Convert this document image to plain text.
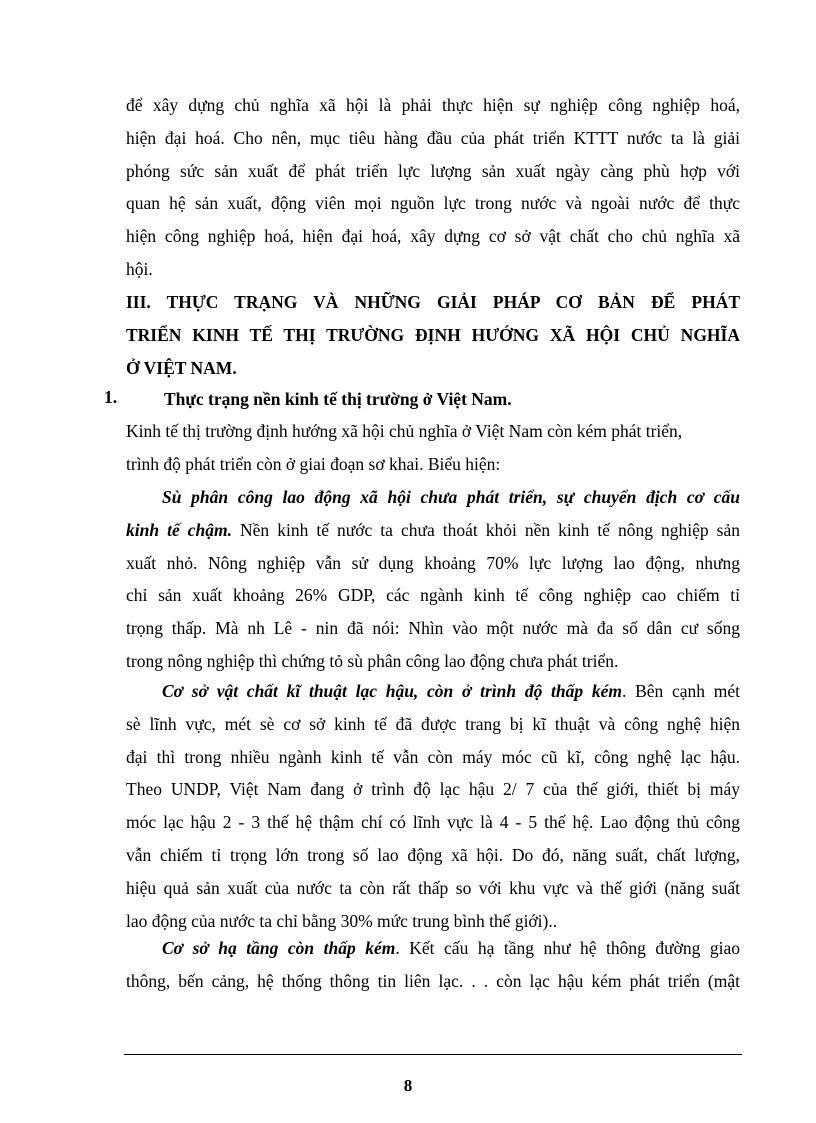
để xây dựng chủ nghĩa xã hội là phải thực hiện sự nghiệp công nghiệp hoá,
hiện đại hoá. Cho nên, mục tiêu hàng đầu của phát triển KTTT nước ta là giải
phóng sức sản xuất để phát triển lực lượng sản xuất ngày càng phù hợp với
quan hệ sản xuất, động viên mọi nguồn lực trong nước và ngoài nước để thực
hiện công nghiệp hoá, hiện đại hoá, xây dựng cơ sở vật chất cho chủ nghĩa xã
hội.
III. THỰC TRẠNG VÀ NHỮNG GIẢI PHÁP CƠ BẢN ĐỂ PHÁT
TRIỂN KINH TẾ THỊ TRƯỜNG ĐỊNH HƯỚNG XÃ HỘI CHỦ NGHĨA
Ở VIỆT NAM.
1.	Thực trạng nền kinh tế thị trường ở Việt Nam.
Kinh tế thị trường định hướng xã hội chủ nghĩa ở Việt Nam còn kém phát triển,
trình độ phát triển còn ở giai đoạn sơ khai. Biểu hiện:
Sù phân công lao động xã hội chưa phát triển, sự chuyển địch cơ cấu
kinh tế chậm. Nền kinh tế nước ta chưa thoát khỏi nền kinh tế nông nghiệp sản
xuất nhỏ. Nông nghiệp vẫn sử dụng khoảng 70% lực lượng lao động, nhưng
chỉ sản xuất khoảng 26% GDP, các ngành kinh tế công nghiệp cao chiếm tỉ
trọng thấp. Mà nh Lê - nin đã nói: Nhìn vào một nước mà đa số dân cư sống
trong nông nghiệp thì chứng tỏ sù phân công lao động chưa phát triển.
Cơ sở vật chất kĩ thuật lạc hậu, còn ở trình độ thấp kém. Bên cạnh mét
sè lĩnh vực, mét sè cơ sở kinh tế đã được trang bị kĩ thuật và công nghệ hiện
đại thì trong nhiều ngành kinh tế vẫn còn máy móc cũ kĩ, công nghệ lạc hậu.
Theo UNDP, Việt Nam đang ở trình độ lạc hậu 2/ 7 của thế giới, thiết bị máy
móc lạc hậu 2 - 3 thế hệ thậm chí có lĩnh vực là 4 - 5 thế hệ. Lao động thủ công
vẫn chiếm tỉ trọng lớn trong số lao động xã hội. Do đó, năng suất, chất lượng,
hiệu quả sản xuất của nước ta còn rất thấp so với khu vực và thế giới (năng suất
lao động của nước ta chỉ bằng 30% mức trung bình thế giới)..
Cơ sở hạ tầng còn thấp kém. Kết cấu hạ tầng như hệ thông đường giao
thông, bến cảng, hệ thống thông tin liên lạc. . . còn lạc hậu kém phát triển (mật
8
